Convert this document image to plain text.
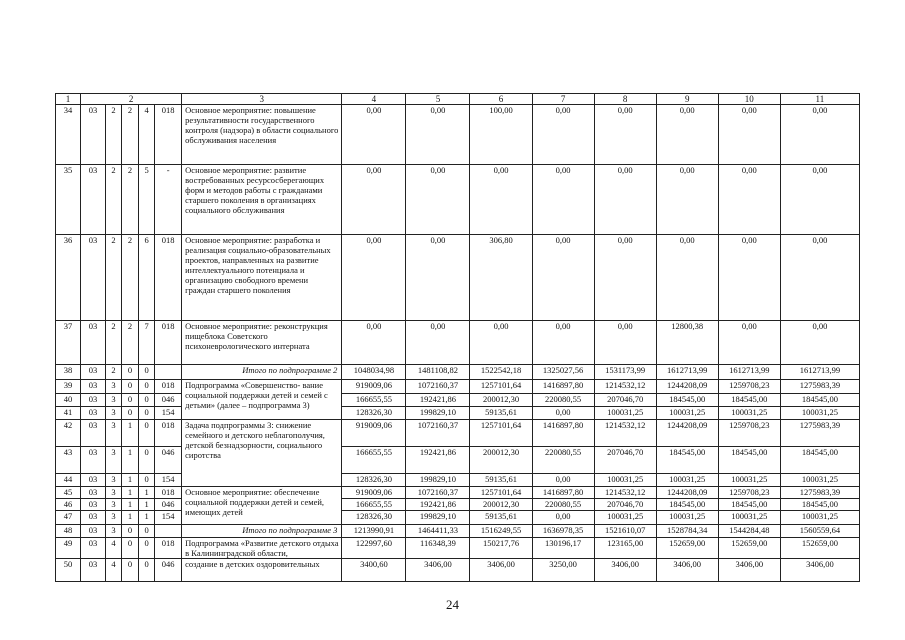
1	2					3	4	5	6	7	8	9	10	11
34	03	2	2	4	018	Основное мероприятие: повышение результативности государственного контроля (надзора) в области социального обслуживания населения	0,00	0,00	100,00	0,00	0,00	0,00	0,00	0,00
35	03	2	2	5	-	Основное мероприятие: развитие востребованных ресурсосберегающих форм и методов работы с гражданами старшего поколения в организациях социального обслуживания	0,00	0,00	0,00	0,00	0,00	0,00	0,00	0,00
36	03	2	2	6	018	Основное мероприятие: разработка и реализация социально-образовательных проектов, направленных на развитие интеллектуального потенциала и организацию свободного времени граждан старшего поколения	0,00	0,00	306,80	0,00	0,00	0,00	0,00	0,00
37	03	2	2	7	018	Основное мероприятие: реконструкция пищеблока Советского психоневрологического интерната	0,00	0,00	0,00	0,00	0,00	12800,38	0,00	0,00
38	03	2	0	0		Итого по подпрограмме 2	1048034,98	1481108,82	1522542,18	1325027,56	1531173,99	1612713,99	1612713,99	1612713,99
39	03	3	0	0	018	Подпрограмма «Совершенство- вание социальной поддержки детей и семей с детьми» (далее – подпрограмма 3)	919009,06	1072160,37	1257101,64	1416897,80	1214532,12	1244208,09	1259708,23	1275983,39
40	03	3	0	0	046		166655,55	192421,86	200012,30	220080,55	207046,70	184545,00	184545,00	184545,00
41	03	3	0	0	154		128326,30	199829,10	59135,61	0,00	100031,25	100031,25	100031,25	100031,25
42	03	3	1	0	018	Задача подпрограммы 3: снижение семейного и детского неблагополучия, детской безнадзорности, социального сиротства	919009,06	1072160,37	1257101,64	1416897,80	1214532,12	1244208,09	1259708,23	1275983,39
43	03	3	1	0	046		166655,55	192421,86	200012,30	220080,55	207046,70	184545,00	184545,00	184545,00
44	03	3	1	0	154		128326,30	199829,10	59135,61	0,00	100031,25	100031,25	100031,25	100031,25
45	03	3	1	1	018	Основное мероприятие: обеспечение социальной поддержки детей и семей, имеющих детей	919009,06	1072160,37	1257101,64	1416897,80	1214532,12	1244208,09	1259708,23	1275983,39
46	03	3	1	1	046		166655,55	192421,86	200012,30	220080,55	207046,70	184545,00	184545,00	184545,00
47	03	3	1	1	154		128326,30	199829,10	59135,61	0,00	100031,25	100031,25	100031,25	100031,25
48	03	3	0	0		Итого по подпрограмме 3	1213990,91	1464411,33	1516249,55	1636978,35	1521610,07	1528784,34	1544284,48	1560559,64
49	03	4	0	0	018	Подпрограмма «Развитие детского отдыха в Калининградской области,	122997,60	116348,39	150217,76	130196,17	123165,00	152659,00	152659,00	152659,00
50	03	4	0	0	046	создание в детских оздоровительных	3400,60	3406,00	3406,00	3250,00	3406,00	3406,00	3406,00	3406,00
24
